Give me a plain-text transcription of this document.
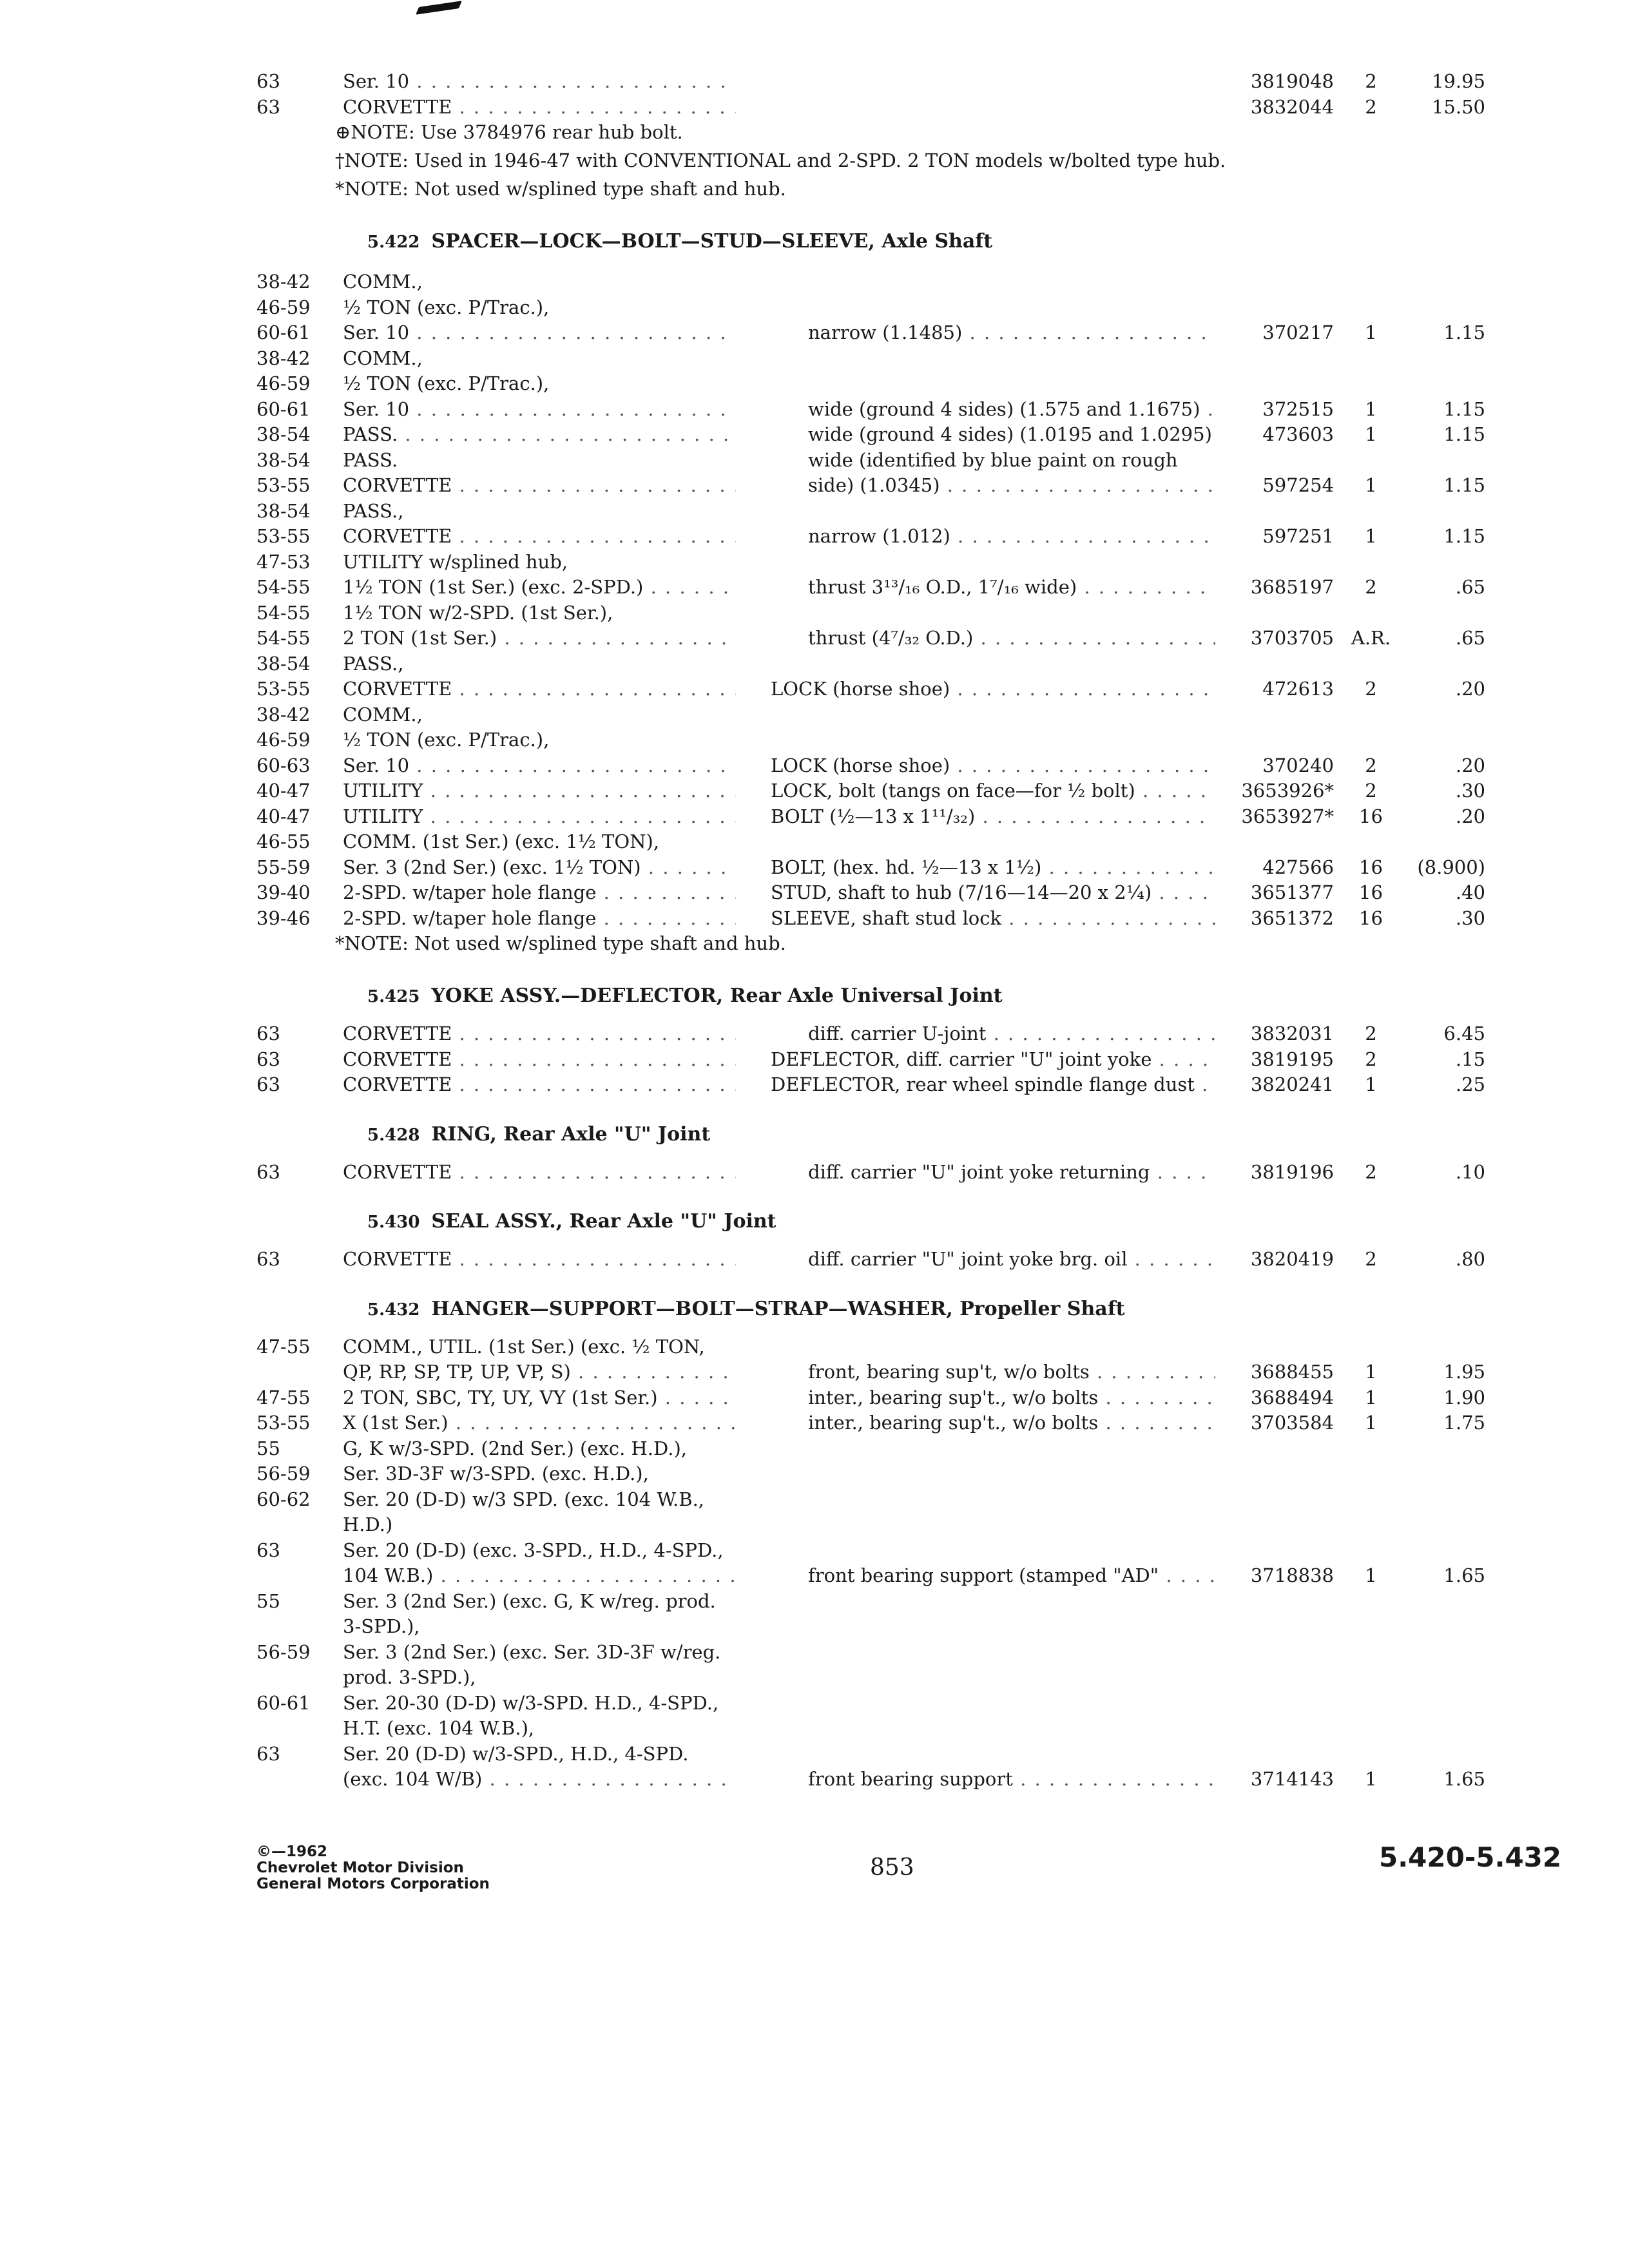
63	Ser. 10 . . .	3819048	2	19.95
63	CORVETTE . . .	3832044	2	15.50
⊕NOTE: Use 3784976 rear hub bolt.
†NOTE: Used in 1946-47 with CONVENTIONAL and 2-SPD. 2 TON models w/bolted type hub.
*NOTE: Not used w/splined type shaft and hub.
5.422 SPACER—LOCK—BOLT—STUD—SLEEVE, Axle Shaft
38-42	COMM.,
46-59	½ TON (exc. P/Trac.),
60-61	Ser. 10 . . .	narrow (1.1485) . . .	370217	1	1.15
38-42	COMM.,
46-59	½ TON (exc. P/Trac.),
60-61	Ser. 10 . . .	wide (ground 4 sides) (1.575 and 1.1675) . . .	372515	1	1.15
38-54	PASS. . . .	wide (ground 4 sides) (1.0195 and 1.0295) . . .	473603	1	1.15
38-54	PASS.	wide (identified by blue paint on rough
53-55	CORVETTE . . .	side) (1.0345) . . .	597254	1	1.15
38-54	PASS.,
53-55	CORVETTE . . .	narrow (1.012) . . .	597251	1	1.15
47-53	UTILITY w/splined hub,
54-55	1½ TON (1st Ser.) (exc. 2-SPD.) . . .	thrust 3¹³/₁₆ O.D., 1⁷/₁₆ wide) . . .	3685197	2	.65
54-55	1½ TON w/2-SPD. (1st Ser.),
54-55	2 TON (1st Ser.) . . .	thrust (4⁷/₃₂ O.D.) . . .	3703705 A.R.	.65
38-54	PASS.,
53-55	CORVETTE . . .	LOCK (horse shoe) . . .	472613	2	.20
38-42	COMM.,
46-59	½ TON (exc. P/Trac.),
60-63	Ser. 10 . . .	LOCK (horse shoe) . . .	370240	2	.20
40-47	UTILITY . . .	LOCK, bolt (tangs on face—for ½ bolt) . . .	3653926*	2	.30
40-47	UTILITY . . .	BOLT (½—13 x 1¹¹/₃₂) . . .	3653927*	16	.20
46-55	COMM. (1st Ser.) (exc. 1½ TON),
55-59	Ser. 3 (2nd Ser.) (exc. 1½ TON) . . .	BOLT, (hex. hd. ½—13 x 1½) . . .	427566	16	(8.900)
39-40	2-SPD. w/taper hole flange . . .	STUD, shaft to hub (7/16—14—20 x 2¼) . . .	3651377	16	.40
39-46	2-SPD. w/taper hole flange . . .	SLEEVE, shaft stud lock . . .	3651372	16	.30
*NOTE: Not used w/splined type shaft and hub.
5.425 YOKE ASSY.—DEFLECTOR, Rear Axle Universal Joint
63	CORVETTE . . .	diff. carrier U-joint . . .	3832031	2	6.45
63	CORVETTE . . .	DEFLECTOR, diff. carrier "U" joint yoke . . .	3819195	2	.15
63	CORVETTE . . .	DEFLECTOR, rear wheel spindle flange dust . . .	3820241	1	.25
5.428 RING, Rear Axle "U" Joint
63	CORVETTE . . .	diff. carrier "U" joint yoke returning . . .	3819196	2	.10
5.430 SEAL ASSY., Rear Axle "U" Joint
63	CORVETTE . . .	diff. carrier "U" joint yoke brg. oil . . .	3820419	2	.80
5.432 HANGER—SUPPORT—BOLT—STRAP—WASHER, Propeller Shaft
47-55	COMM., UTIL. (1st Ser.) (exc. ½ TON,
QP, RP, SP, TP, UP, VP, S) . . .	front, bearing sup't, w/o bolts . . .	3688455	1	1.95
47-55	2 TON, SBC, TY, UY, VY (1st Ser.) . . .	inter., bearing sup't., w/o bolts . . .	3688494	1	1.90
53-55	X (1st Ser.) . . .	inter., bearing sup't., w/o bolts . . .	3703584	1	1.75
55	G, K w/3-SPD. (2nd Ser.) (exc. H.D.),
56-59	Ser. 3D-3F w/3-SPD. (exc. H.D.),
60-62	Ser. 20 (D-D) w/3 SPD. (exc. 104 W.B.,
H.D.)
63	Ser. 20 (D-D) (exc. 3-SPD., H.D., 4-SPD.,
104 W.B.) . . .	front bearing support (stamped "AD" . . .	3718838	1	1.65
55	Ser. 3 (2nd Ser.) (exc. G, K w/reg. prod.
3-SPD.),
56-59	Ser. 3 (2nd Ser.) (exc. Ser. 3D-3F w/reg.
prod. 3-SPD.),
60-61	Ser. 20-30 (D-D) w/3-SPD. H.D., 4-SPD.,
H.T. (exc. 104 W.B.),
63	Ser. 20 (D-D) w/3-SPD., H.D., 4-SPD.
(exc. 104 W/B) . . .	front bearing support . . .	3714143	1	1.65
©—1962
Chevrolet Motor Division
General Motors Corporation
853	5.420-5.432
